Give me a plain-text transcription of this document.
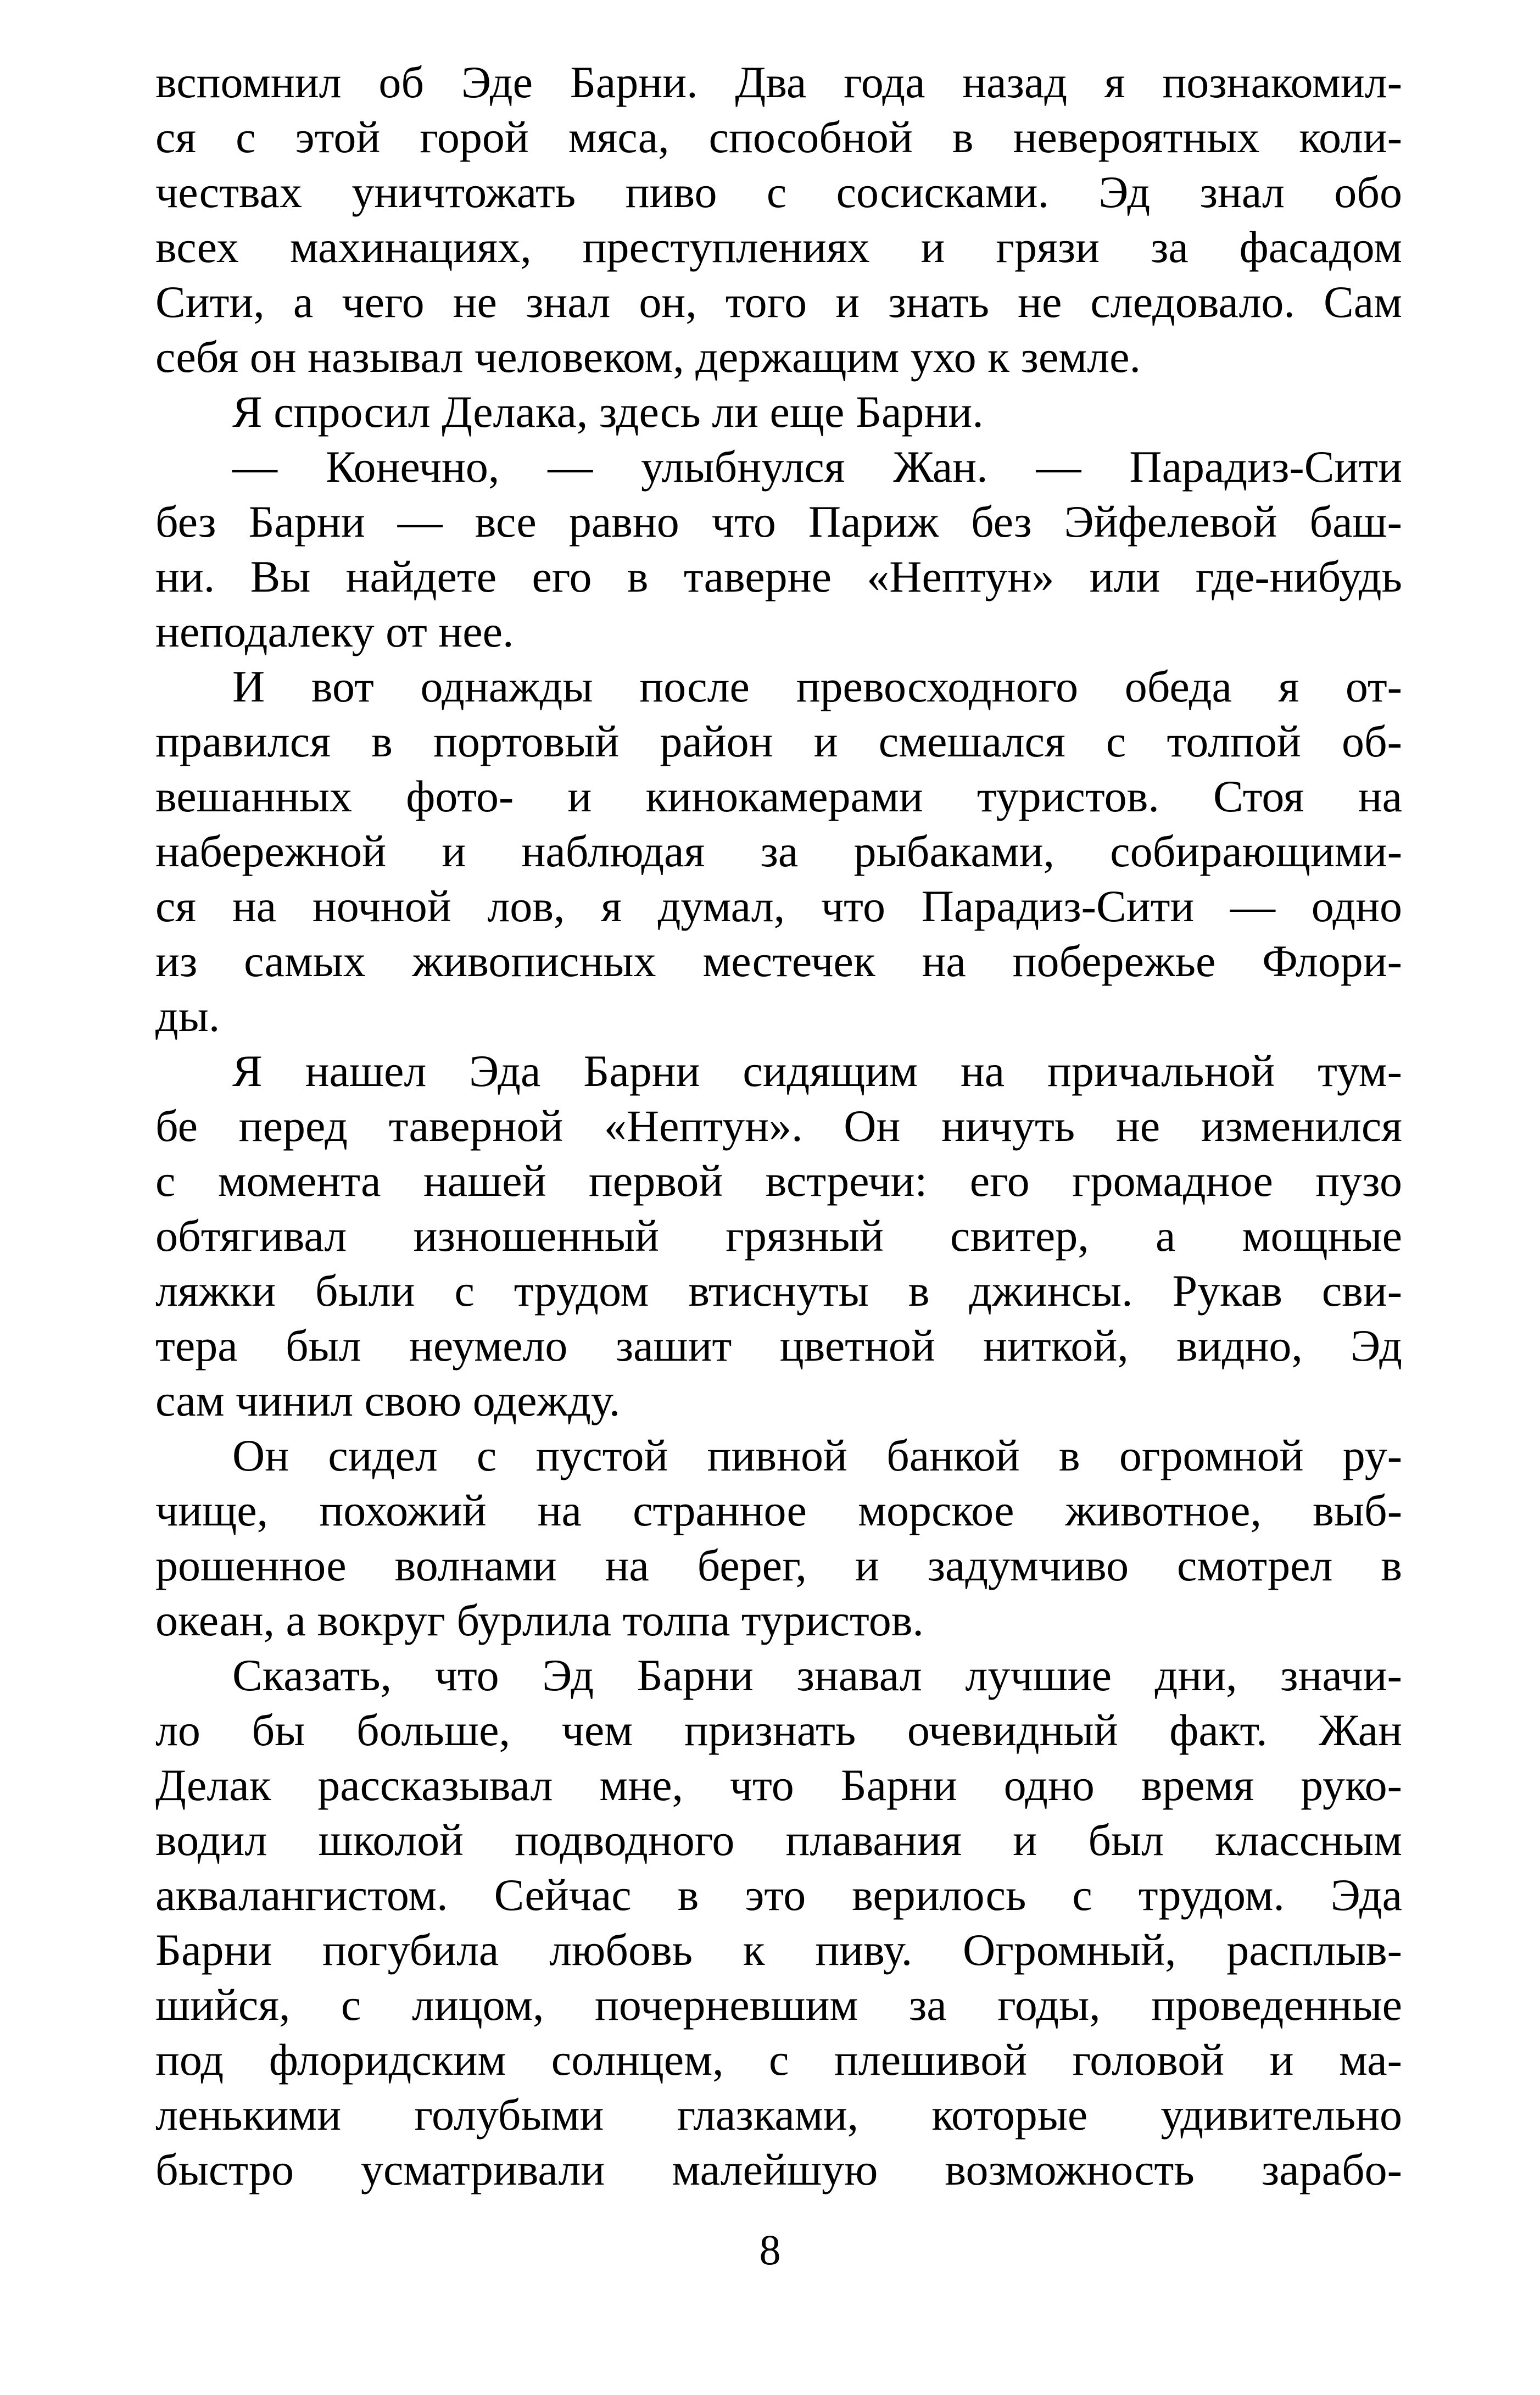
вспомнил об Эде Барни. Два года назад я познакомил-
ся с этой горой мяса, способной в невероятных коли-
чествах уничтожать пиво с сосисками. Эд знал обо
всех махинациях, преступлениях и грязи за фасадом
Сити, а чего не знал он, того и знать не следовало. Сам
себя он называл человеком, держащим ухо к земле.
Я спросил Делака, здесь ли еще Барни.
— Конечно, — улыбнулся Жан. — Парадиз-Сити
без Барни — все равно что Париж без Эйфелевой баш-
ни. Вы найдете его в таверне «Нептун» или где-нибудь
неподалеку от нее.
И вот однажды после превосходного обеда я от-
правился в портовый район и смешался с толпой об-
вешанных фото- и кинокамерами туристов. Стоя на
набережной и наблюдая за рыбаками, собирающими-
ся на ночной лов, я думал, что Парадиз-Сити — одно
из самых живописных местечек на побережье Флори-
ды.
Я нашел Эда Барни сидящим на причальной тум-
бе перед таверной «Нептун». Он ничуть не изменился
с момента нашей первой встречи: его громадное пузо
обтягивал изношенный грязный свитер, а мощные
ляжки были с трудом втиснуты в джинсы. Рукав сви-
тера был неумело зашит цветной ниткой, видно, Эд
сам чинил свою одежду.
Он сидел с пустой пивной банкой в огромной ру-
чище, похожий на странное морское животное, выб-
рошенное волнами на берег, и задумчиво смотрел в
океан, а вокруг бурлила толпа туристов.
Сказать, что Эд Барни знавал лучшие дни, значи-
ло бы больше, чем признать очевидный факт. Жан
Делак рассказывал мне, что Барни одно время руко-
водил школой подводного плавания и был классным
аквалангистом. Сейчас в это верилось с трудом. Эда
Барни погубила любовь к пиву. Огромный, расплыв-
шийся, с лицом, почерневшим за годы, проведенные
под флоридским солнцем, с плешивой головой и ма-
ленькими голубыми глазками, которые удивительно
быстро усматривали малейшую возможность зарабо-
8
